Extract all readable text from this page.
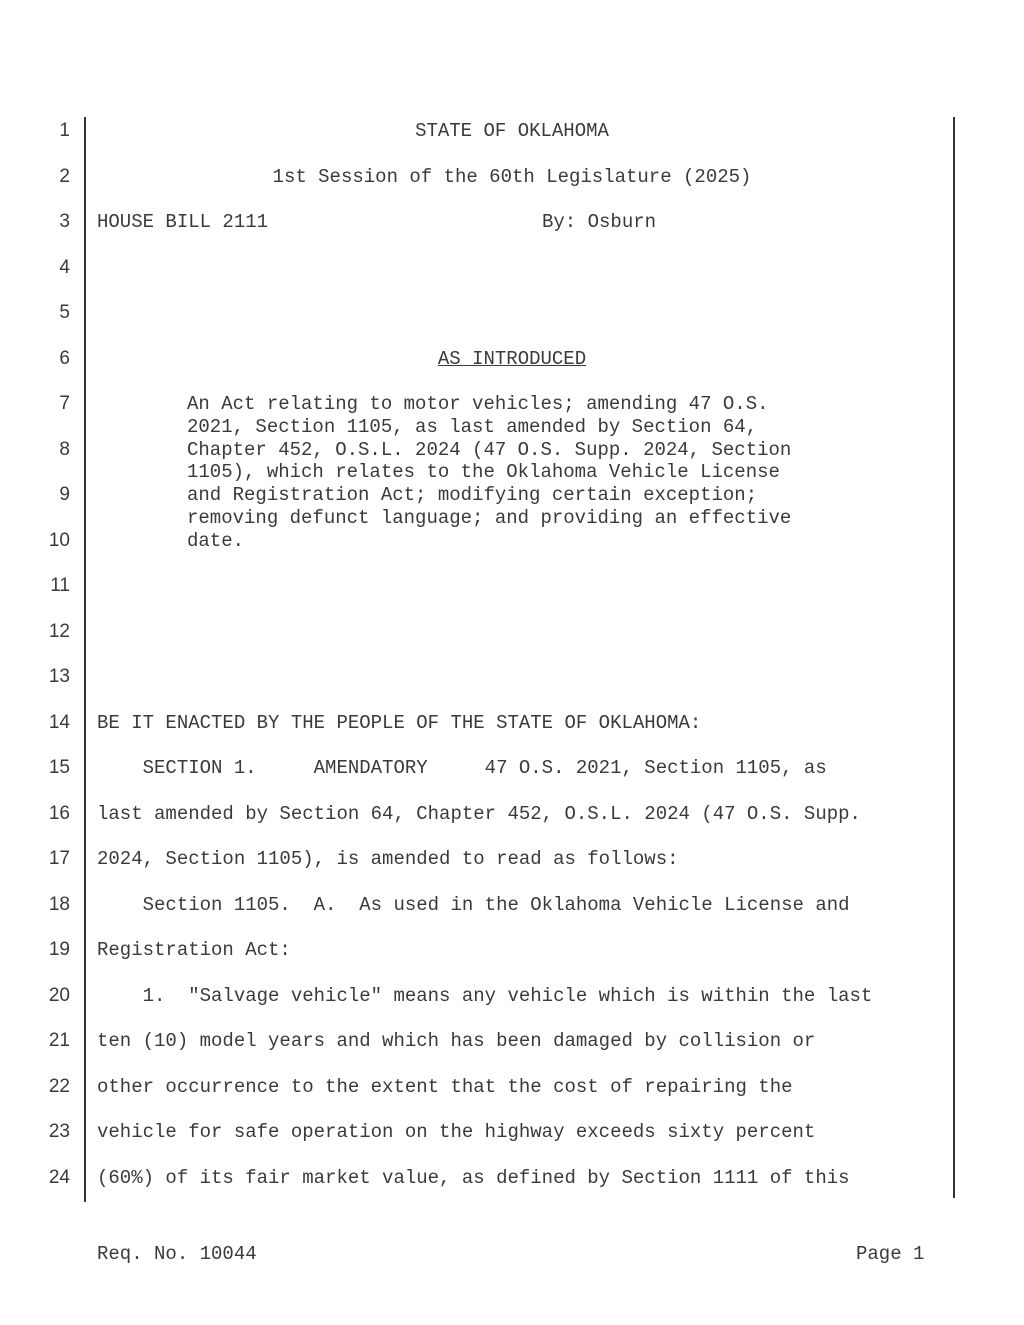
1
2
3
4
5
6
7
8
9
10
11
12
13
14
15
16
17
18
19
20
21
22
23
24
STATE OF OKLAHOMA
1st Session of the 60th Legislature (2025)
HOUSE BILL 2111	By: Osburn
AS INTRODUCED
An Act relating to motor vehicles; amending 47 O.S.
2021, Section 1105, as last amended by Section 64,
Chapter 452, O.S.L. 2024 (47 O.S. Supp. 2024, Section
1105), which relates to the Oklahoma Vehicle License
and Registration Act; modifying certain exception;
removing defunct language; and providing an effective
date.
BE IT ENACTED BY THE PEOPLE OF THE STATE OF OKLAHOMA:
SECTION 1.     AMENDATORY     47 O.S. 2021, Section 1105, as
last amended by Section 64, Chapter 452, O.S.L. 2024 (47 O.S. Supp.
2024, Section 1105), is amended to read as follows:
Section 1105.  A.  As used in the Oklahoma Vehicle License and
Registration Act:
1.  "Salvage vehicle" means any vehicle which is within the last
ten (10) model years and which has been damaged by collision or
other occurrence to the extent that the cost of repairing the
vehicle for safe operation on the highway exceeds sixty percent
(60%) of its fair market value, as defined by Section 1111 of this
Req. No. 10044	Page 1
